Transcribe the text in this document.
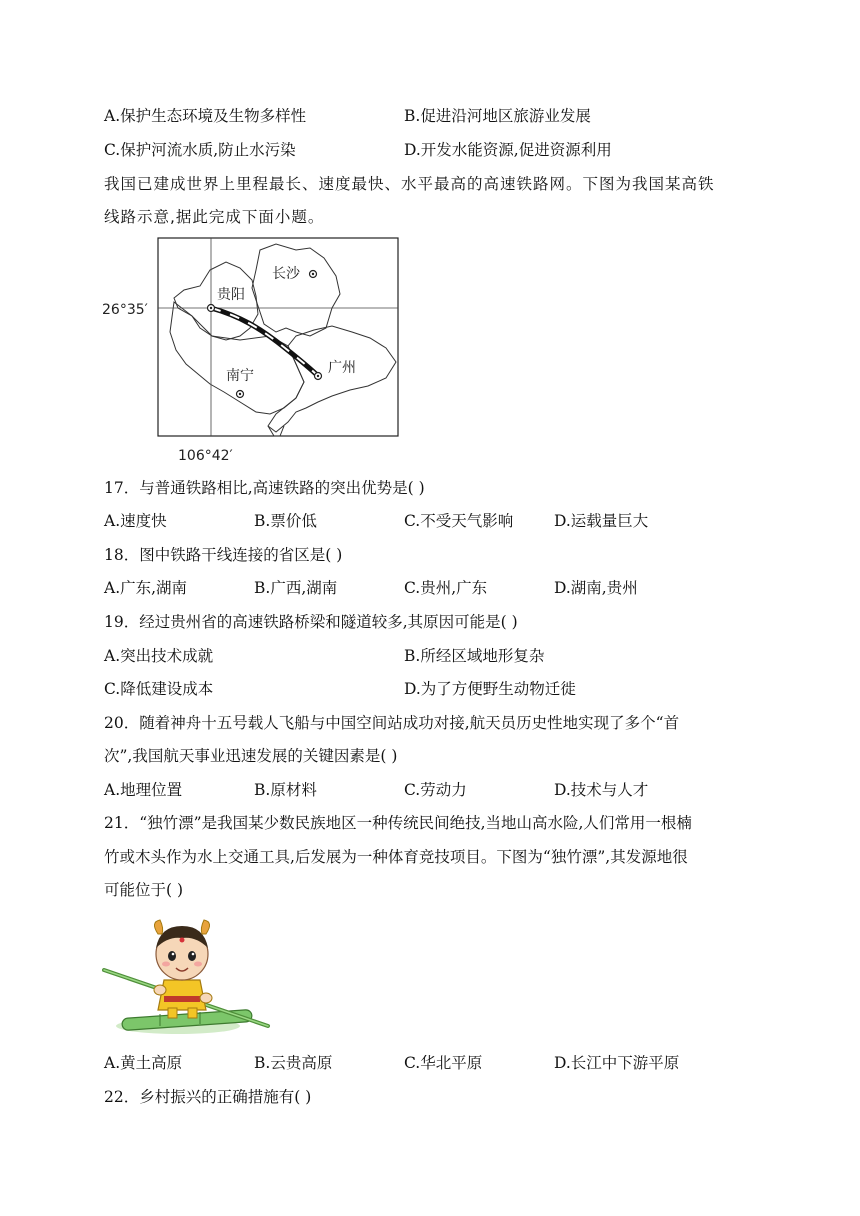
A.保护生态环境及生物多样性	B.促进沿河地区旅游业发展
C.保护河流水质,防止水污染	D.开发水能资源,促进资源利用
我国已建成世界上里程最长、速度最快、水平最高的高速铁路网。下图为我国某高铁
线路示意,据此完成下面小题。
长沙
贵阳
南宁	广州
26°35′
106°42′
17．与普通铁路相比,高速铁路的突出优势是( )
A.速度快	B.票价低	C.不受天气影响	D.运载量巨大
18．图中铁路干线连接的省区是( )
A.广东,湖南	B.广西,湖南	C.贵州,广东	D.湖南,贵州
19．经过贵州省的高速铁路桥梁和隧道较多,其原因可能是( )
A.突出技术成就	B.所经区域地形复杂
C.降低建设成本	D.为了方便野生动物迁徙
20．随着神舟十五号载人飞船与中国空间站成功对接,航天员历史性地实现了多个“首
次”,我国航天事业迅速发展的关键因素是( )
A.地理位置	B.原材料	C.劳动力	D.技术与人才
21．“独竹漂”是我国某少数民族地区一种传统民间绝技,当地山高水险,人们常用一根楠
竹或木头作为水上交通工具,后发展为一种体育竞技项目。下图为“独竹漂”,其发源地很
可能位于( )
A.黄土高原	B.云贵高原	C.华北平原	D.长江中下游平原
22．乡村振兴的正确措施有( )
